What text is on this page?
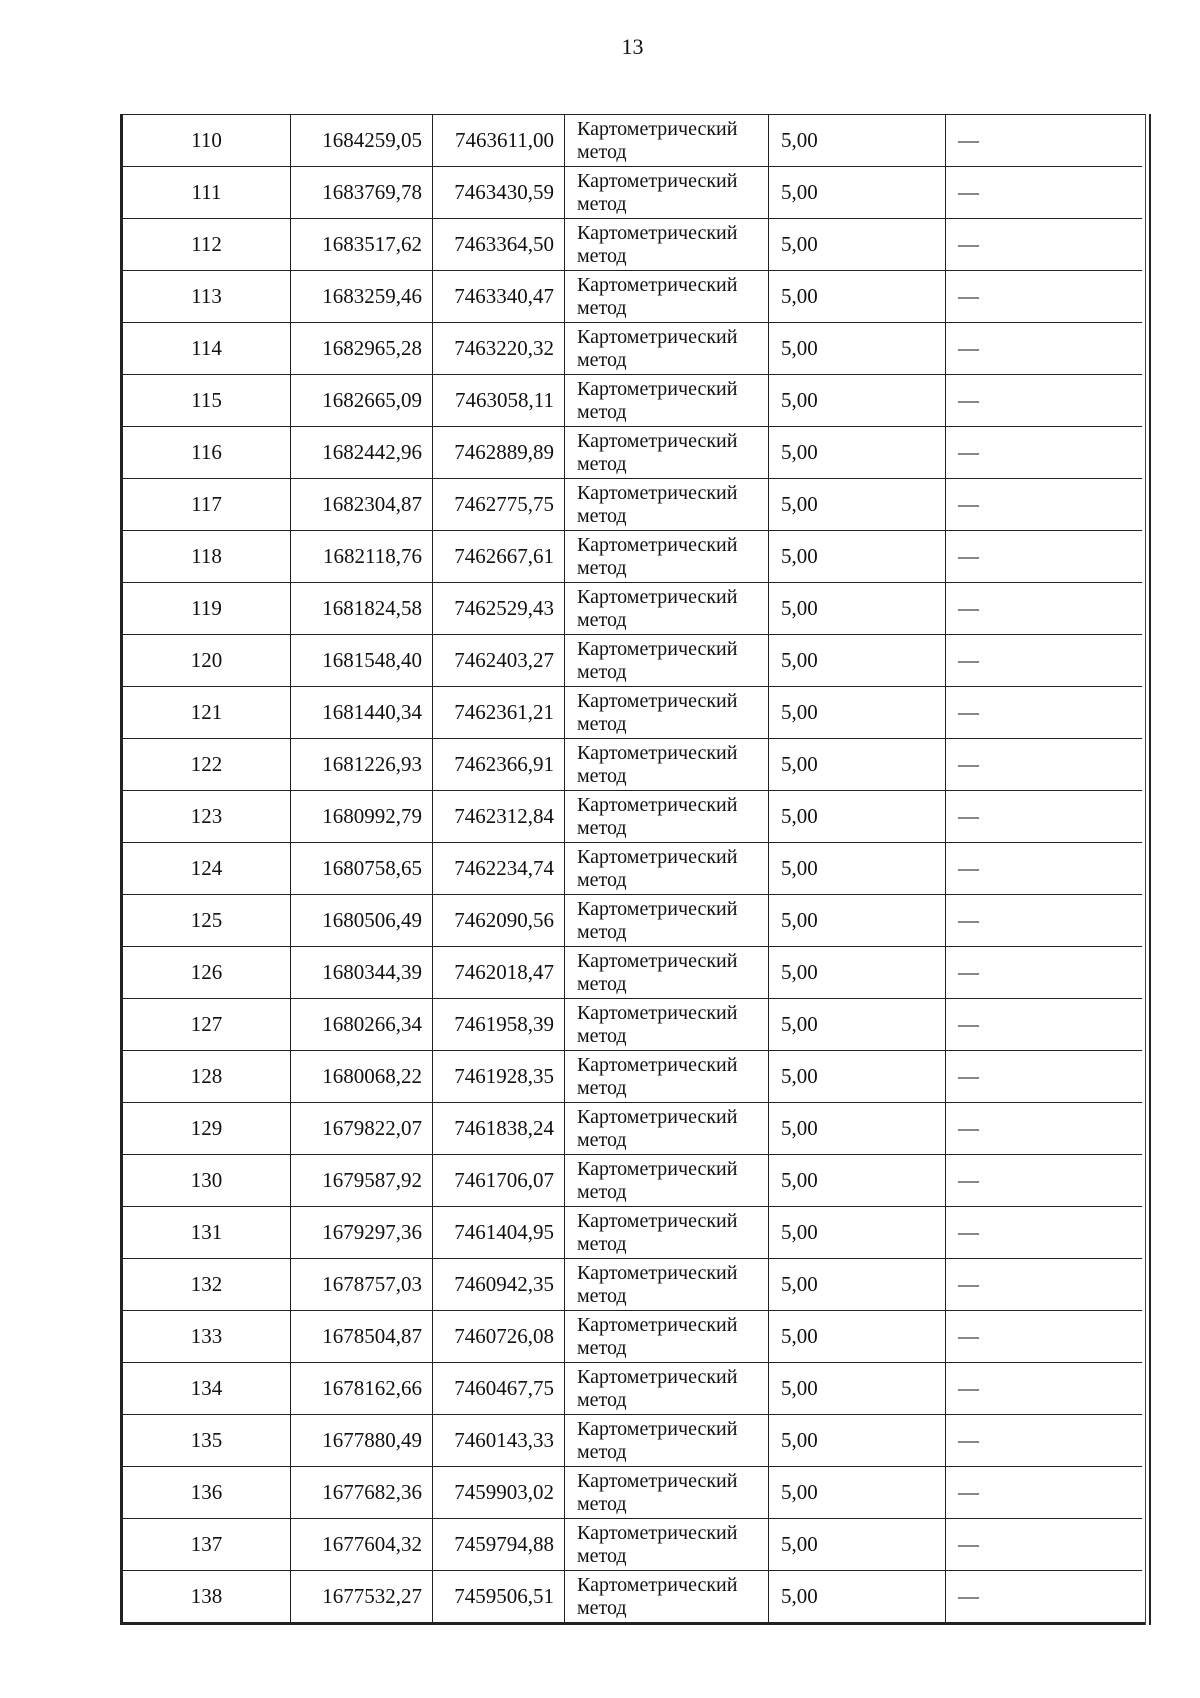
13
110	1684259,05	7463611,00	Картометрический
метод	5,00	—
111	1683769,78	7463430,59	Картометрический
метод	5,00	—
112	1683517,62	7463364,50	Картометрический
метод	5,00	—
113	1683259,46	7463340,47	Картометрический
метод	5,00	—
114	1682965,28	7463220,32	Картометрический
метод	5,00	—
115	1682665,09	7463058,11	Картометрический
метод	5,00	—
116	1682442,96	7462889,89	Картометрический
метод	5,00	—
117	1682304,87	7462775,75	Картометрический
метод	5,00	—
118	1682118,76	7462667,61	Картометрический
метод	5,00	—
119	1681824,58	7462529,43	Картометрический
метод	5,00	—
120	1681548,40	7462403,27	Картометрический
метод	5,00	—
121	1681440,34	7462361,21	Картометрический
метод	5,00	—
122	1681226,93	7462366,91	Картометрический
метод	5,00	—
123	1680992,79	7462312,84	Картометрический
метод	5,00	—
124	1680758,65	7462234,74	Картометрический
метод	5,00	—
125	1680506,49	7462090,56	Картометрический
метод	5,00	—
126	1680344,39	7462018,47	Картометрический
метод	5,00	—
127	1680266,34	7461958,39	Картометрический
метод	5,00	—
128	1680068,22	7461928,35	Картометрический
метод	5,00	—
129	1679822,07	7461838,24	Картометрический
метод	5,00	—
130	1679587,92	7461706,07	Картометрический
метод	5,00	—
131	1679297,36	7461404,95	Картометрический
метод	5,00	—
132	1678757,03	7460942,35	Картометрический
метод	5,00	—
133	1678504,87	7460726,08	Картометрический
метод	5,00	—
134	1678162,66	7460467,75	Картометрический
метод	5,00	—
135	1677880,49	7460143,33	Картометрический
метод	5,00	—
136	1677682,36	7459903,02	Картометрический
метод	5,00	—
137	1677604,32	7459794,88	Картометрический
метод	5,00	—
138	1677532,27	7459506,51	Картометрический
метод	5,00	—
